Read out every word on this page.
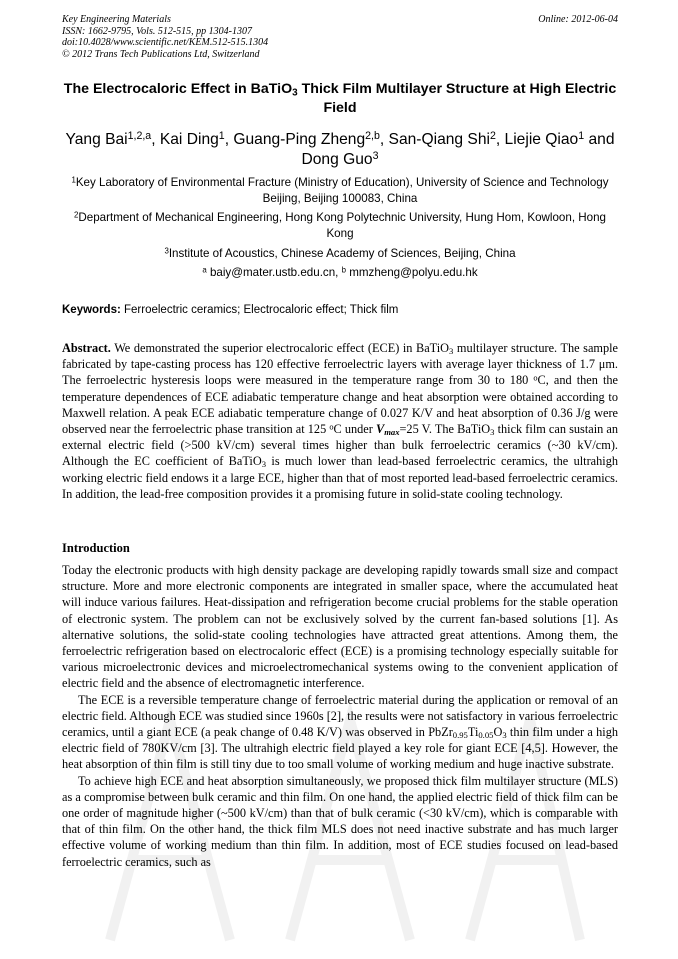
Key Engineering Materials
ISSN: 1662-9795, Vols. 512-515, pp 1304-1307
doi:10.4028/www.scientific.net/KEM.512-515.1304
© 2012 Trans Tech Publications Ltd, Switzerland
Online: 2012-06-04
The Electrocaloric Effect in BaTiO$_3$ Thick Film Multilayer Structure at High Electric Field
Yang Bai$^{1,2,a}$, Kai Ding$^1$, Guang-Ping Zheng$^{2,b}$, San-Qiang Shi$^2$, Liejie Qiao$^1$ and Dong Guo$^3$
$^1$Key Laboratory of Environmental Fracture (Ministry of Education), University of Science and Technology Beijing, Beijing 100083, China
$^2$Department of Mechanical Engineering, Hong Kong Polytechnic University, Hung Hom, Kowloon, Hong Kong
$^3$Institute of Acoustics, Chinese Academy of Sciences, Beijing, China
$^a$ baiy@mater.ustb.edu.cn, $^b$ mmzheng@polyu.edu.hk
Keywords: Ferroelectric ceramics; Electrocaloric effect; Thick film
Abstract. We demonstrated the superior electrocaloric effect (ECE) in BaTiO$_3$ multilayer structure. The sample fabricated by tape-casting process has 120 effective ferroelectric layers with average layer thickness of 1.7 μm. The ferroelectric hysteresis loops were measured in the temperature range from 30 to 180 $^o$C, and then the temperature dependences of ECE adiabatic temperature change and heat absorption were obtained according to Maxwell relation. A peak ECE adiabatic temperature change of 0.027 K/V and heat absorption of 0.36 J/g were observed near the ferroelectric phase transition at 125 $^o$C under $V_{max}=25$ V. The BaTiO$_3$ thick film can sustain an external electric field (>500 kV/cm) several times higher than bulk ferroelectric ceramics (~30 kV/cm). Although the EC coefficient of BaTiO$_3$ is much lower than lead-based ferroelectric ceramics, the ultrahigh working electric field endows it a large ECE, higher than that of most reported lead-based ferroelectric ceramics. In addition, the lead-free composition provides it a promising future in solid-state cooling technology.
Introduction

Today the electronic products with high density package are developing rapidly towards small size and compact structure. More and more electronic components are integrated in smaller space, where the accumulated heat will induce various failures. Heat-dissipation and refrigeration become crucial problems for the stable operation of electronic system. The problem can not be exclusively solved by the current fan-based solutions [1]. As alternative solutions, the solid-state cooling technologies have attracted great attentions. Among them, the ferroelectric refrigeration based on electrocaloric effect (ECE) is a promising technology especially suitable for various microelectronic devices and microelectromechanical systems owing to the convenient application of electric field and the absence of electromagnetic interference.

The ECE is a reversible temperature change of ferroelectric material during the application or removal of an electric field. Although ECE was studied since 1960s [2], the results were not satisfactory in various ferroelectric ceramics, until a giant ECE (a peak change of 0.48 K/V) was observed in $PbZr_{0.95}Ti_{0.05}O_3$ thin film under a high electric field of 780KV/cm [3]. The ultrahigh electric field played a key role for giant ECE [4,5]. However, the heat absorption of thin film is still tiny due to too small volume of working medium and huge inactive substrate.

To achieve high ECE and heat absorption simultaneously, we proposed thick film multilayer structure (MLS) as a compromise between bulk ceramic and thin film. On one hand, the applied electric field of thick film can be one order of magnitude higher (~500 kV/cm) than that of bulk ceramic (<30 kV/cm), which is comparable with that of thin film. On the other hand, the thick film MLS does not need inactive substrate and has much larger effective volume of working medium than thin film. In addition, most of ECE studies focused on lead-based ferroelectric ceramics, such as
